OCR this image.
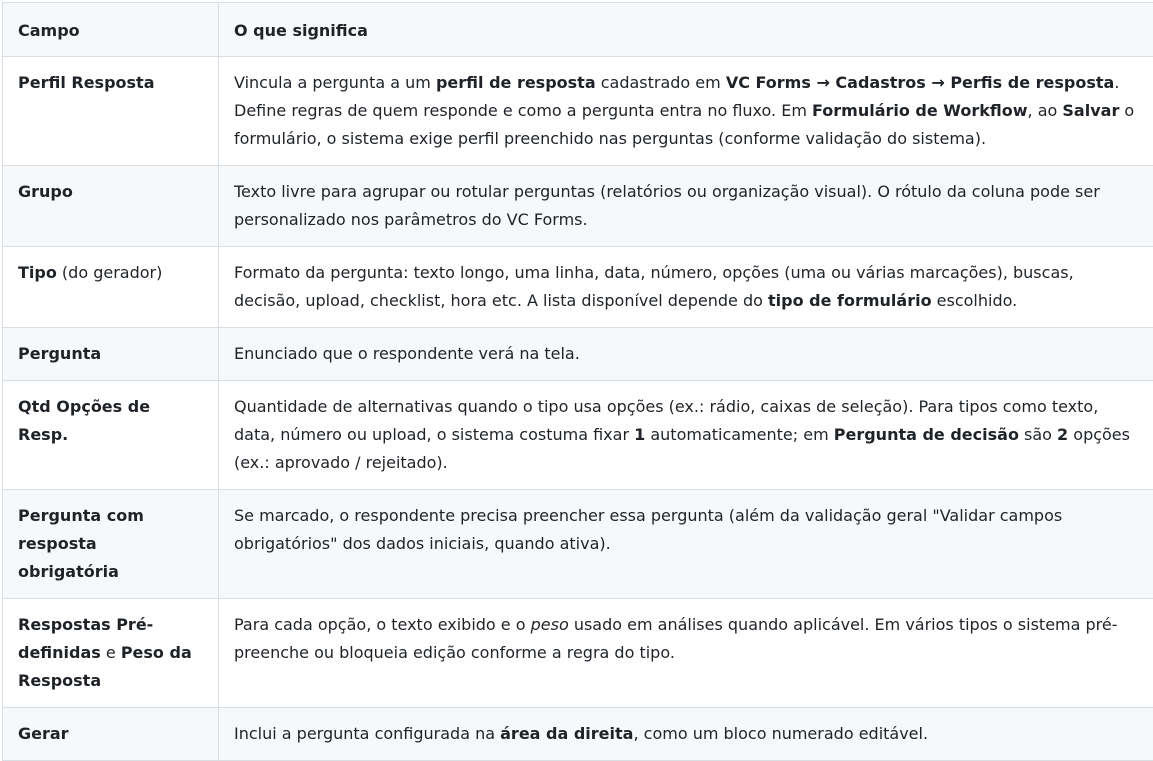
Campo	O que significa
Perfil Resposta	Vincula a pergunta a um perfil de resposta cadastrado em VC Forms → Cadastros → Perfis de resposta. Define regras de quem responde e como a pergunta entra no fluxo. Em Formulário de Workflow, ao Salvar o formulário, o sistema exige perfil preenchido nas perguntas (conforme validação do sistema).
Grupo	Texto livre para agrupar ou rotular perguntas (relatórios ou organização visual). O rótulo da coluna pode ser personalizado nos parâmetros do VC Forms.
Tipo (do gerador)	Formato da pergunta: texto longo, uma linha, data, número, opções (uma ou várias marcações), buscas, decisão, upload, checklist, hora etc. A lista disponível depende do tipo de formulário escolhido.
Pergunta	Enunciado que o respondente verá na tela.
Qtd Opções de Resp.	Quantidade de alternativas quando o tipo usa opções (ex.: rádio, caixas de seleção). Para tipos como texto, data, número ou upload, o sistema costuma fixar 1 automaticamente; em Pergunta de decisão são 2 opções (ex.: aprovado / rejeitado).
Pergunta com resposta obrigatória	Se marcado, o respondente precisa preencher essa pergunta (além da validação geral "Validar campos obrigatórios" dos dados iniciais, quando ativa).
Respostas Pré-definidas e Peso da Resposta	Para cada opção, o texto exibido e o peso usado em análises quando aplicável. Em vários tipos o sistema pré-preenche ou bloqueia edição conforme a regra do tipo.
Gerar	Inclui a pergunta configurada na área da direita, como um bloco numerado editável.
